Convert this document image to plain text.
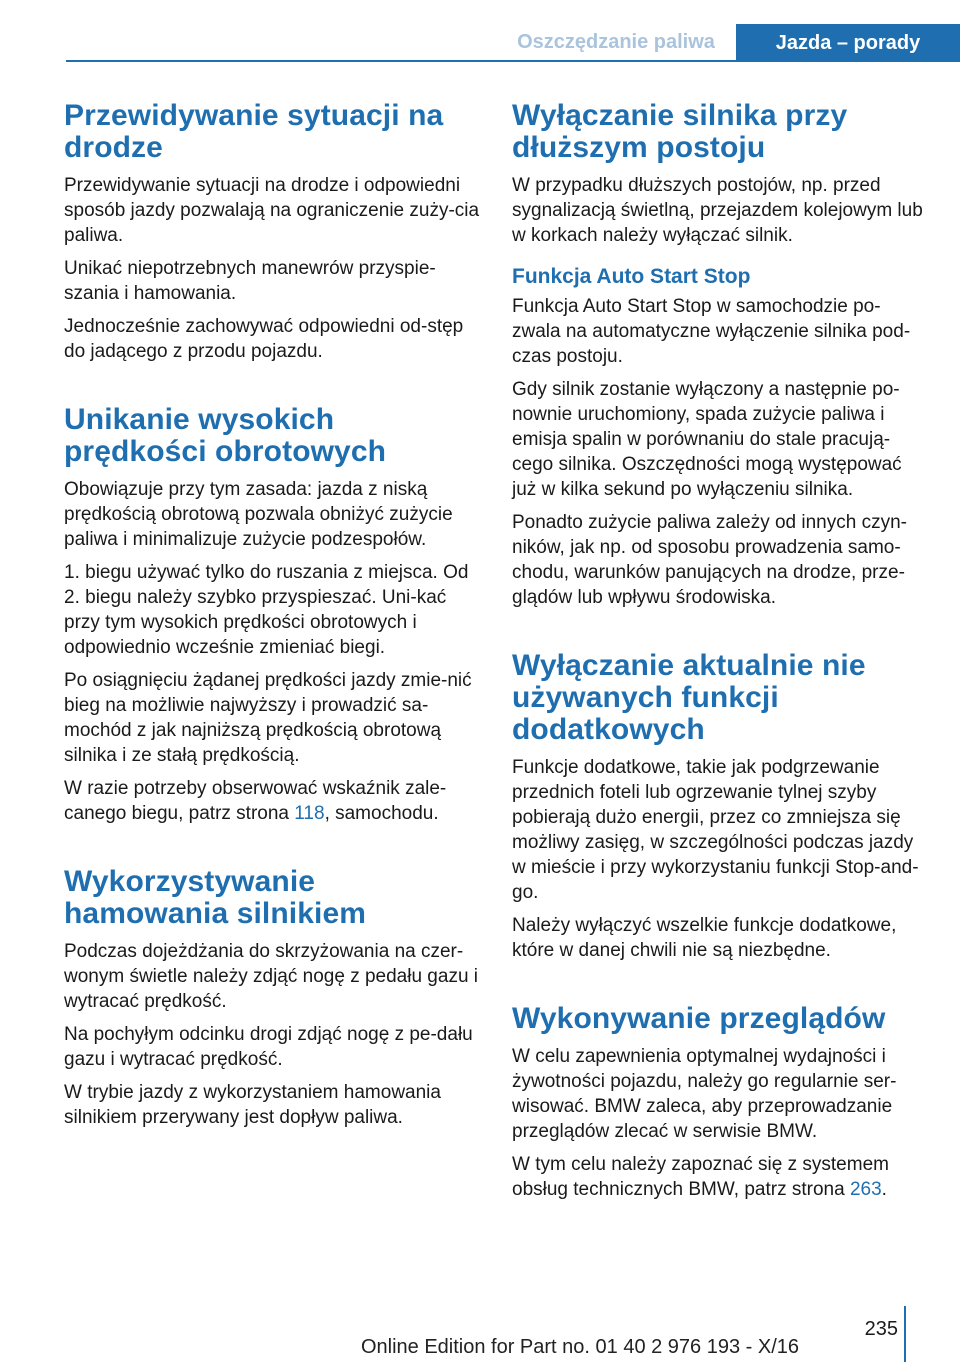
Oszczędzanie paliwa	Jazda – porady
Przewidywanie sytuacji na drodze

Przewidywanie sytuacji na drodze i odpowiedni sposób jazdy pozwalają na ograniczenie zuży‐cia paliwa.

Unikać niepotrzebnych manewrów przyspie‐szania i hamowania.

Jednocześnie zachowywać odpowiedni od‐stęp do jadącego z przodu pojazdu.

Unikanie wysokich prędkości obrotowych

Obowiązuje przy tym zasada: jazda z niską prędkością obrotową pozwala obniżyć zużycie paliwa i minimalizuje zużycie podzespołów.

1. biegu używać tylko do ruszania z miejsca. Od 2. biegu należy szybko przyspieszać. Uni‐kać przy tym wysokich prędkości obrotowych i odpowiednio wcześnie zmieniać biegi.

Po osiągnięciu żądanej prędkości jazdy zmie‐nić bieg na możliwie najwyższy i prowadzić sa‐mochód z jak najniższą prędkością obrotową silnika i ze stałą prędkością.

W razie potrzeby obserwować wskaźnik zale‐canego biegu, patrz strona 118, samochodu.

Wykorzystywanie hamowania silnikiem

Podczas dojeżdżania do skrzyżowania na czer‐wonym świetle należy zdjąć nogę z pedału gazu i wytracać prędkość.

Na pochyłym odcinku drogi zdjąć nogę z pe‐dału gazu i wytracać prędkość.

W trybie jazdy z wykorzystaniem hamowania silnikiem przerywany jest dopływ paliwa.

Wyłączanie silnika przy dłuższym postoju

W przypadku dłuższych postojów, np. przed sygnalizacją świetlną, przejazdem kolejowym lub w korkach należy wyłączać silnik.

Funkcja Auto Start Stop

Funkcja Auto Start Stop w samochodzie po‐zwala na automatyczne wyłączenie silnika pod‐czas postoju.

Gdy silnik zostanie wyłączony a następnie po‐nownie uruchomiony, spada zużycie paliwa i emisja spalin w porównaniu do stale pracują‐cego silnika. Oszczędności mogą występować już w kilka sekund po wyłączeniu silnika.

Ponadto zużycie paliwa zależy od innych czyn‐ników, jak np. od sposobu prowadzenia samo‐chodu, warunków panujących na drodze, prze‐glądów lub wpływu środowiska.

Wyłączanie aktualnie nie używanych funkcji dodatkowych

Funkcje dodatkowe, takie jak podgrzewanie przednich foteli lub ogrzewanie tylnej szyby pobierają dużo energii, przez co zmniejsza się możliwy zasięg, w szczególności podczas jazdy w mieście i przy wykorzystaniu funkcji Stop-and-go.

Należy wyłączyć wszelkie funkcje dodatkowe, które w danej chwili nie są niezbędne.

Wykonywanie przeglądów

W celu zapewnienia optymalnej wydajności i żywotności pojazdu, należy go regularnie ser‐wisować. BMW zaleca, aby przeprowadzanie przeglądów zlecać w serwisie BMW.

W tym celu należy zapoznać się z systemem obsług technicznych BMW, patrz strona 263.

235
Online Edition for Part no. 01 40 2 976 193 - X/16
